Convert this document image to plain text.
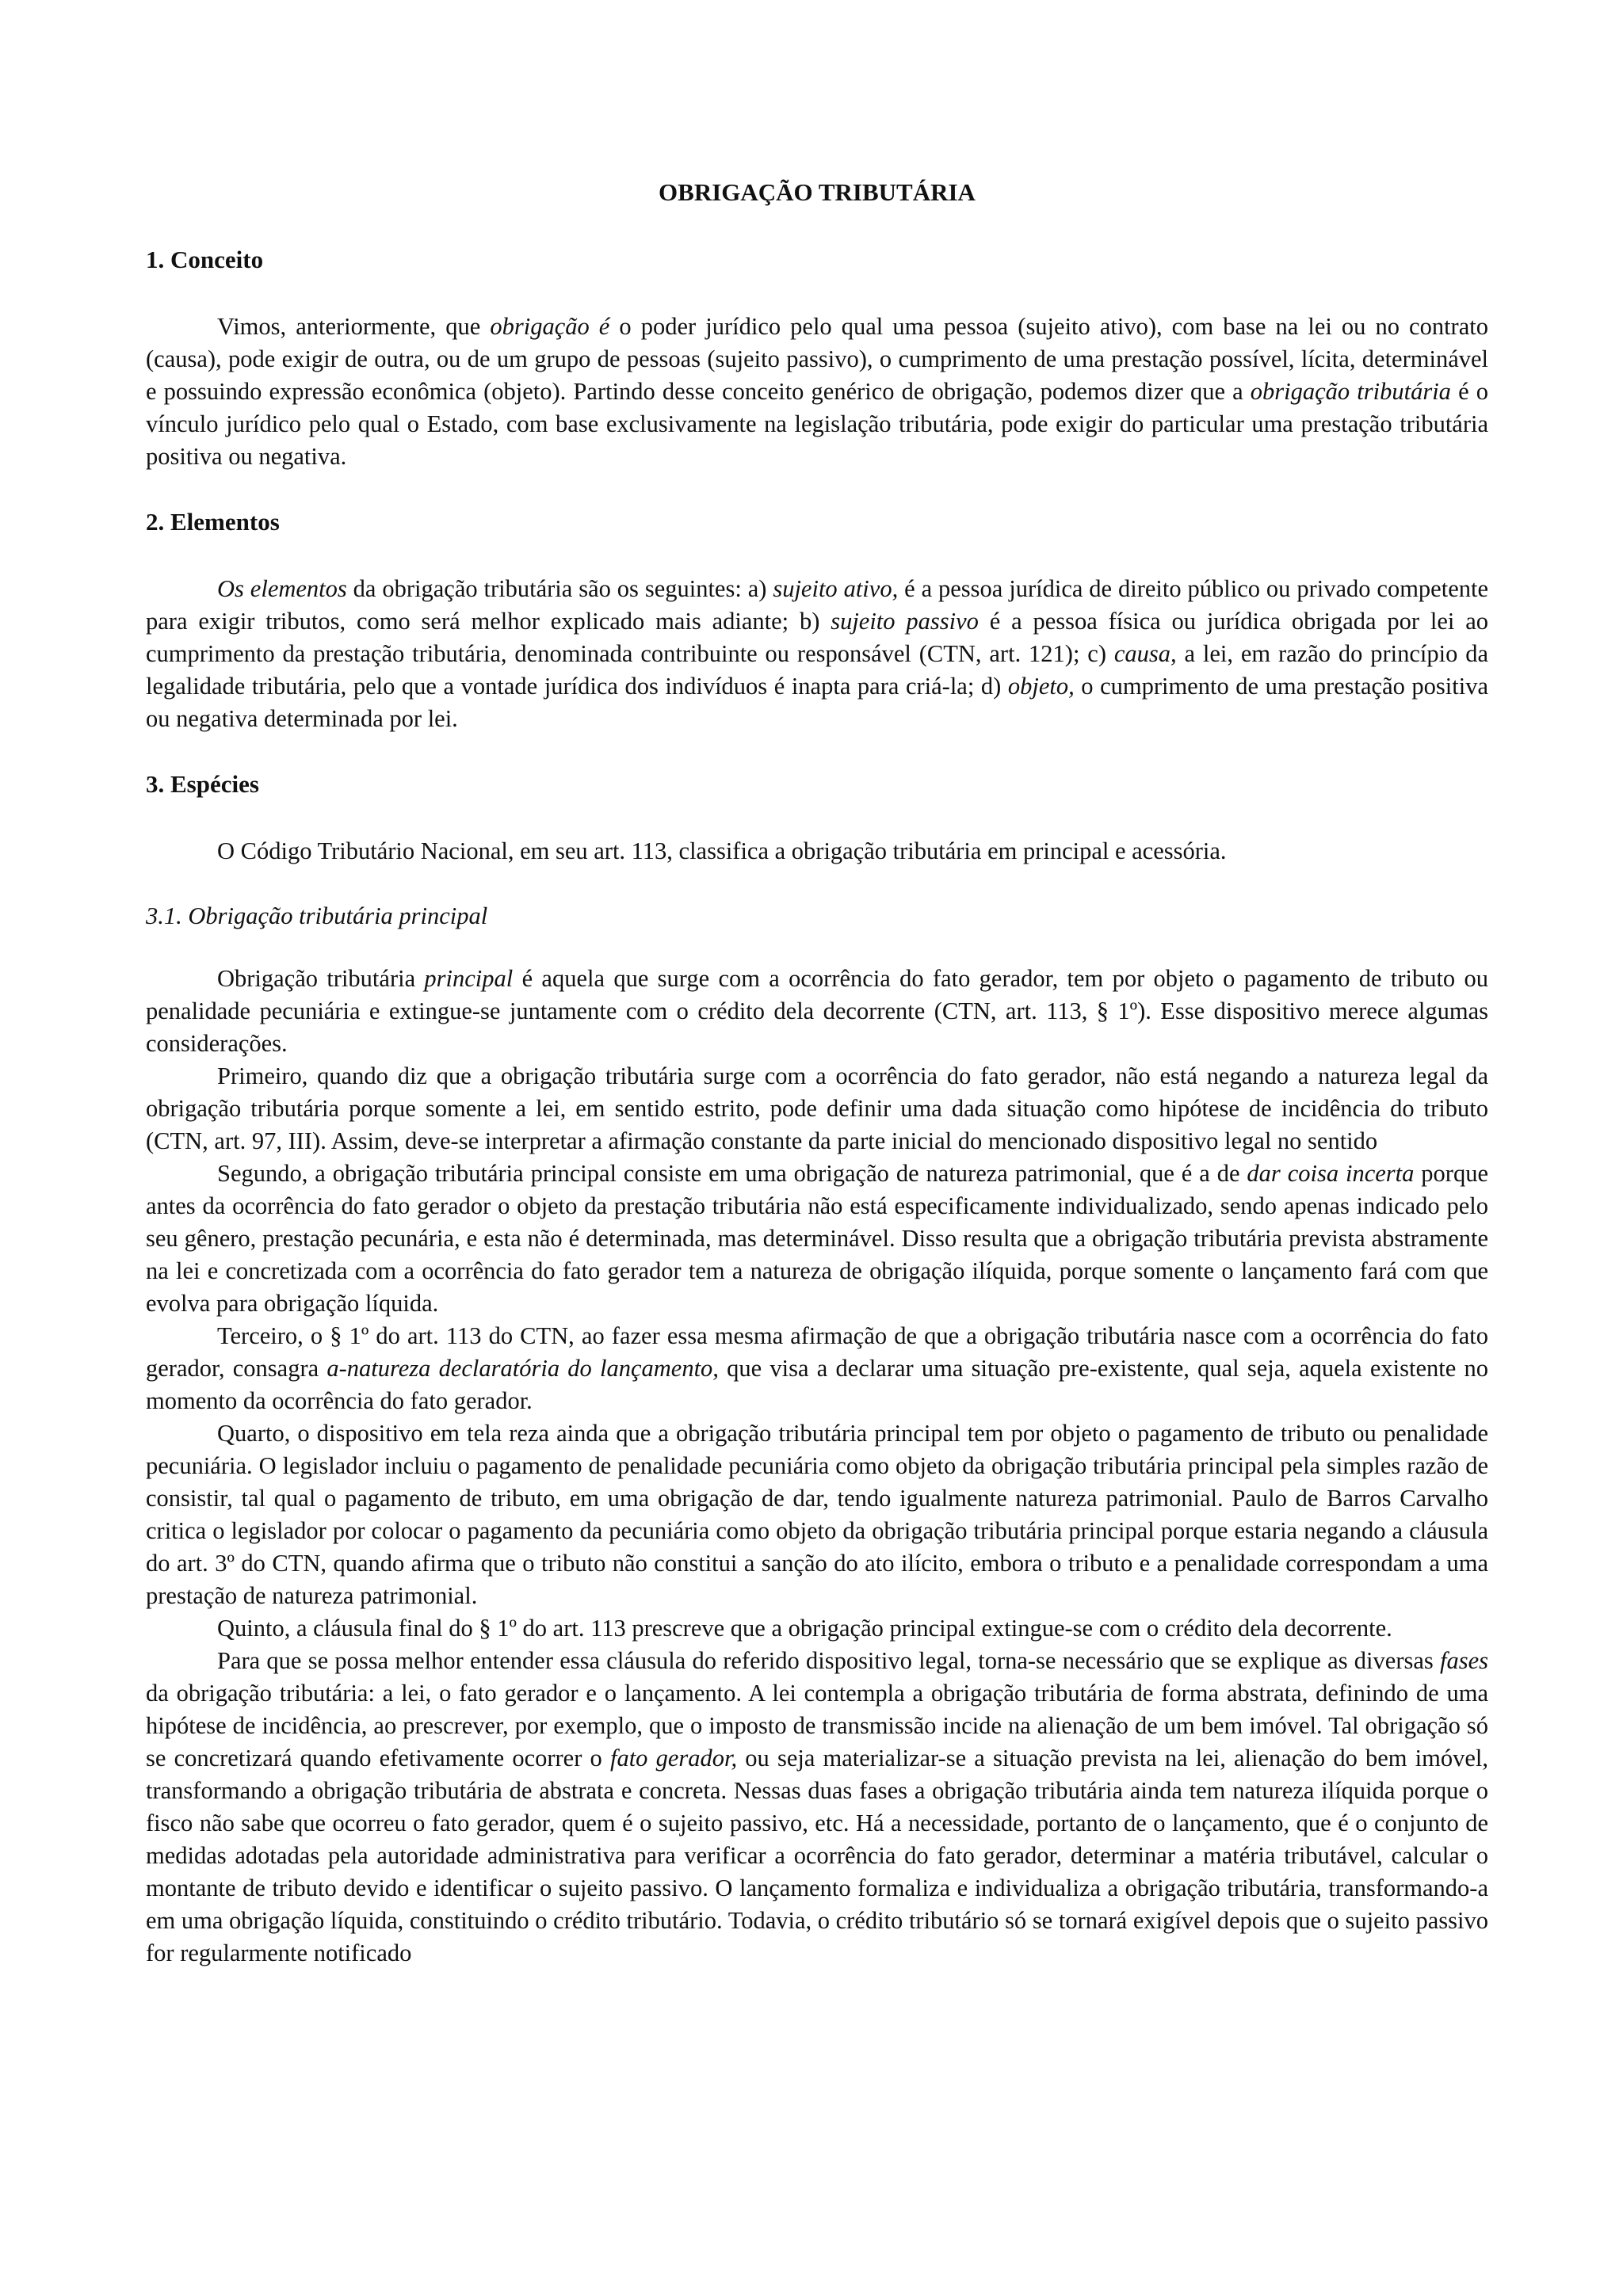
OBRIGAÇÃO TRIBUTÁRIA
1. Conceito

Vimos, anteriormente, que obrigação é o poder jurídico pelo qual uma pessoa (sujeito ativo), com base na lei ou no contrato (causa), pode exigir de outra, ou de um grupo de pessoas (sujeito passivo), o cumprimento de uma prestação possível, lícita, determinável e possuindo expressão econômica (objeto). Partindo desse conceito genérico de obrigação, podemos dizer que a obrigação tributária é o vínculo jurídico pelo qual o Estado, com base exclusivamente na legislação tributária, pode exigir do particular uma prestação tributária positiva ou negativa.

2. Elementos

Os elementos da obrigação tributária são os seguintes: a) sujeito ativo, é a pessoa jurídica de direito público ou privado competente para exigir tributos, como será melhor explicado mais adiante; b) sujeito passivo é a pessoa física ou jurídica obrigada por lei ao cumprimento da prestação tributária, denominada contribuinte ou responsável (CTN, art. 121); c) causa, a lei, em razão do princípio da legalidade tributária, pelo que a vontade jurídica dos indivíduos é inapta para criá-la; d) objeto, o cumprimento de uma prestação positiva ou negativa determinada por lei.

3. Espécies

O Código Tributário Nacional, em seu art. 113, classifica a obrigação tributária em principal e acessória.

3.1. Obrigação tributária principal

Obrigação tributária principal é aquela que surge com a ocorrência do fato gerador, tem por objeto o pagamento de tributo ou penalidade pecuniária e extingue-se juntamente com o crédito dela decorrente (CTN, art. 113, § 1º). Esse dispositivo merece algumas considerações.

Primeiro, quando diz que a obrigação tributária surge com a ocorrência do fato gerador, não está negando a natureza legal da obrigação tributária porque somente a lei, em sentido estrito, pode definir uma dada situação como hipótese de incidência do tributo (CTN, art. 97, III). Assim, deve-se interpretar a afirmação constante da parte inicial do mencionado dispositivo legal no sentido

Segundo, a obrigação tributária principal consiste em uma obrigação de natureza patrimonial, que é a de dar coisa incerta porque antes da ocorrência do fato gerador o objeto da prestação tributária não está especificamente individualizado, sendo apenas indicado pelo seu gênero, prestação pecunária, e esta não é determinada, mas determinável. Disso resulta que a obrigação tributária prevista abstramente na lei e concretizada com a ocorrência do fato gerador tem a natureza de obrigação ilíquida, porque somente o lançamento fará com que evolva para obrigação líquida.

Terceiro, o § 1º do art. 113 do CTN, ao fazer essa mesma afirmação de que a obrigação tributária nasce com a ocorrência do fato gerador, consagra a-natureza declaratória do lançamento, que visa a declarar uma situação pre-existente, qual seja, aquela existente no momento da ocorrência do fato gerador.

Quarto, o dispositivo em tela reza ainda que a obrigação tributária principal tem por objeto o pagamento de tributo ou penalidade pecuniária. O legislador incluiu o pagamento de penalidade pecuniária como objeto da obrigação tributária principal pela simples razão de consistir, tal qual o pagamento de tributo, em uma obrigação de dar, tendo igualmente natureza patrimonial. Paulo de Barros Carvalho critica o legislador por colocar o pagamento da pecuniária como objeto da obrigação tributária principal porque estaria negando a cláusula do art. 3º do CTN, quando afirma que o tributo não constitui a sanção do ato ilícito, embora o tributo e a penalidade correspondam a uma prestação de natureza patrimonial.

Quinto, a cláusula final do § 1º do art. 113 prescreve que a obrigação principal extingue-se com o crédito dela decorrente.

Para que se possa melhor entender essa cláusula do referido dispositivo legal, torna-se necessário que se explique as diversas fases da obrigação tributária: a lei, o fato gerador e o lançamento. A lei contempla a obrigação tributária de forma abstrata, definindo de uma hipótese de incidência, ao prescrever, por exemplo, que o imposto de transmissão incide na alienação de um bem imóvel. Tal obrigação só se concretizará quando efetivamente ocorrer o fato gerador, ou seja materializar-se a situação prevista na lei, alienação do bem imóvel, transformando a obrigação tributária de abstrata e concreta. Nessas duas fases a obrigação tributária ainda tem natureza ilíquida porque o fisco não sabe que ocorreu o fato gerador, quem é o sujeito passivo, etc. Há a necessidade, portanto de o lançamento, que é o conjunto de medidas adotadas pela autoridade administrativa para verificar a ocorrência do fato gerador, determinar a matéria tributável, calcular o montante de tributo devido e identificar o sujeito passivo. O lançamento formaliza e individualiza a obrigação tributária, transformando-a em uma obrigação líquida, constituindo o crédito tributário. Todavia, o crédito tributário só se tornará exigível depois que o sujeito passivo for regularmente notificado
